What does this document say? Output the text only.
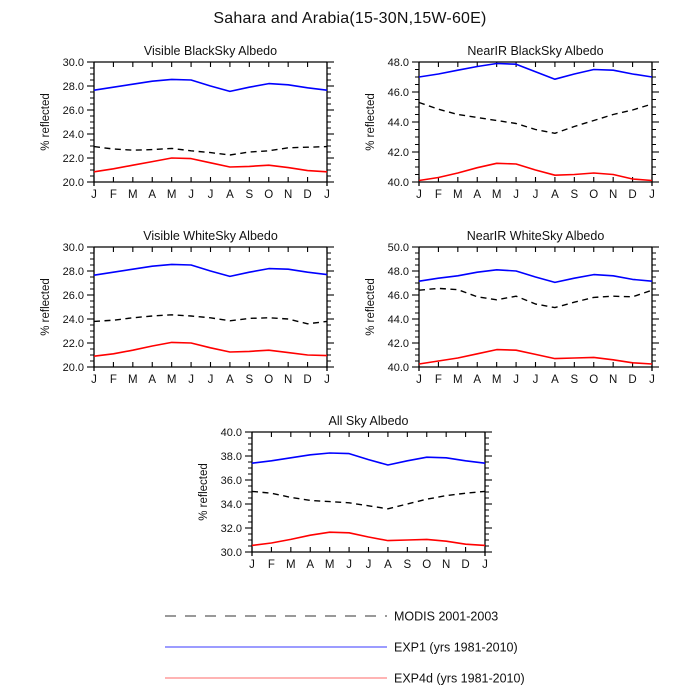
Sahara and Arabia(15-30N,15W-60E)
J F M A M J J A S O N D J
20.0
22.0
24.0
26.0
28.0
30.0
% reflected
Visible BlackSky Albedo
J F M A M J J A S O N D J
40.0
42.0
44.0
46.0
48.0
% reflected
NearIR BlackSky Albedo
J F M A M J J A S O N D J
20.0
22.0
24.0
26.0
28.0
30.0
% reflected
Visible WhiteSky Albedo
J F M A M J J A S O N D J
40.0
42.0
44.0
46.0
48.0
50.0
% reflected
NearIR WhiteSky Albedo
J F M A M J J A S O N D J
30.0
32.0
34.0
36.0
38.0
40.0
% reflected
All Sky Albedo
MODIS 2001-2003
EXP1 (yrs 1981-2010)
EXP4d (yrs 1981-2010)
